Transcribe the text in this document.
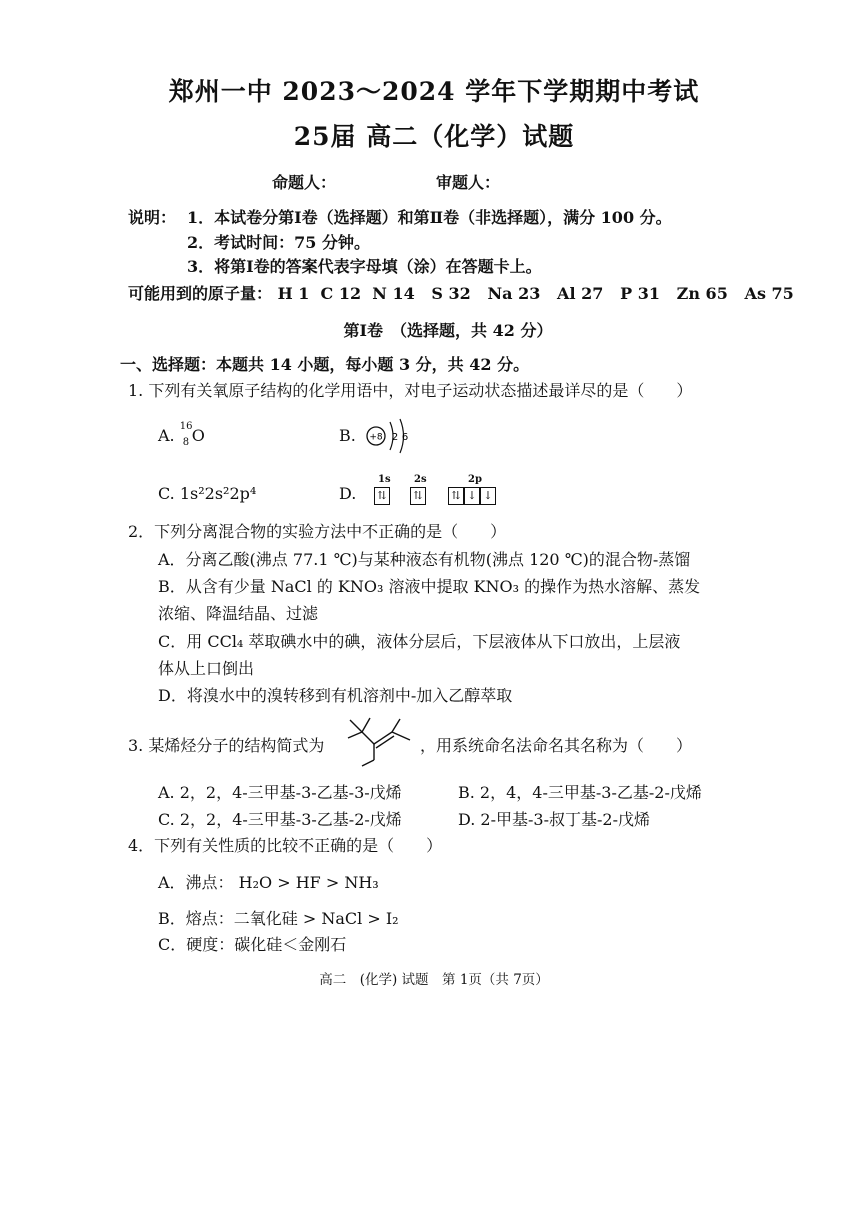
郑州一中 2023～2024 学年下学期期中考试
25届 高二（化学）试题
命题人：	审题人：
说明： 1．本试卷分第Ⅰ卷（选择题）和第Ⅱ卷（非选择题），满分 100 分。
2．考试时间：75 分钟。
3．将第Ⅰ卷的答案代表字母填（涂）在答题卡上。
可能用到的原子量： H 1  C 12  N 14   S 32   Na 23   Al 27   P 31   Zn 65   As 75
第Ⅰ卷　（选择题，共 42 分）
一、选择题：本题共 14 小题，每小题 3 分，共 42 分。
1. 下列有关氧原子结构的化学用语中，对电子运动状态描述最详尽的是（　　）
A. 16
8 O	B. +8 2 6
C. 1s²2s²2p⁴	D.
1s 2s	2p
⇅	⇅	⇅ ↓ ↓
2．下列分离混合物的实验方法中不正确的是（　　）
A．分离乙酸(沸点 77.1 ℃)与某种液态有机物(沸点 120 ℃)的混合物-蒸馏
B．从含有少量 NaCl 的 KNO₃ 溶液中提取 KNO₃ 的操作为热水溶解、蒸发
浓缩、降温结晶、过滤
C．用 CCl₄ 萃取碘水中的碘，液体分层后，下层液体从下口放出，上层液
体从上口倒出
D．将溴水中的溴转移到有机溶剂中-加入乙醇萃取
3. 某烯烃分子的结构简式为	，用系统命名法命名其名称为（　　）
A. 2，2，4-三甲基-3-乙基-3-戊烯	B. 2，4，4-三甲基-3-乙基-2-戊烯
C. 2，2，4-三甲基-3-乙基-2-戊烯	D. 2-甲基-3-叔丁基-2-戊烯
4．下列有关性质的比较不正确的是（　　）
A．沸点： H₂O > HF > NH₃
B．熔点：二氧化硅 > NaCl > I₂
C．硬度：碳化硅＜金刚石
高二　(化学) 试题　第 1页（共 7页）
